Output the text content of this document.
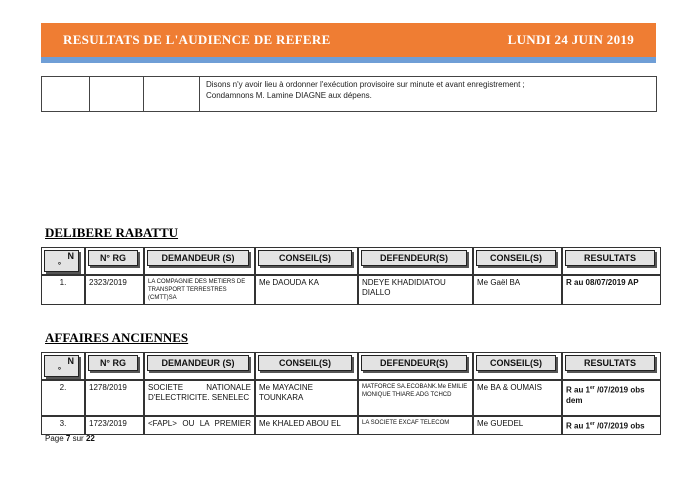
RESULTATS DE L'AUDIENCE DE REFERE	LUNDI 24 JUIN 2019

Disons n'y avoir lieu à ordonner l'exécution provisoire sur minute et avant enregistrement ;
Condamnons M. Lamine DIAGNE aux dépens.
DELIBERE RABATTU
N
°	N° RG	DEMANDEUR (S)	CONSEIL(S)	DEFENDEUR(S)	CONSEIL(S)	RESULTATS

1.	2323/2019	LA COMPAGNIE DES METIERS DE TRANSPORT TERRESTRES (CMTT)SA	Me DAOUDA KA	NDEYE KHADIDIATOU DIALLO	Me Gaël BA	R au 08/07/2019 AP
AFFAIRES ANCIENNES
N
°	N° RG	DEMANDEUR (S)	CONSEIL(S)	DEFENDEUR(S)	CONSEIL(S)	RESULTATS

2.	1278/2019	SOCIETE NATIONALE
D'ELECTRICITE. SENELEC	Me MAYACINE TOUNKARA	MATFORCE SA.ECOBANK.Me EMILIE MONIQUE THIARE.ADG TCHCD	Me BA & OUMAIS	R au 1er /07/2019 obs dem

3.	1723/2019	<FAPL> OU LA PREMIER	Me KHALED ABOU EL	LA SOCIETE EXCAF TELECOM	Me GUEDEL	R au 1er /07/2019 obs
Page 7 sur 22
